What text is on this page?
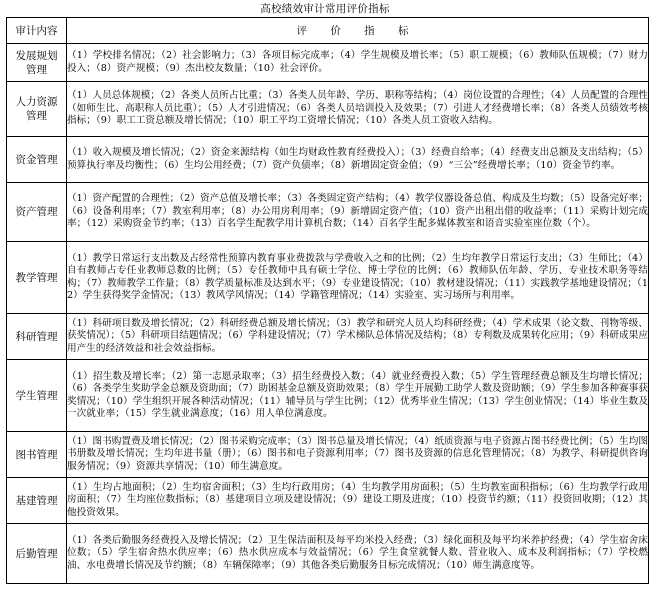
高校绩效审计常用评价指标
审计内容	评 价 指 标
发展规划管理	（1）学校排名情况；（2）社会影响力；（3）各项目标完成率；（4）学生规模及增长率；（5）职工规模；（6）教师队伍规模；（7）财力投入；（8）资产规模；（9）杰出校友数量；（10）社会评价。
人力资源管理	（1）人员总体规模；（2）各类人员所占比重；（3）各类人员年龄、学历、职称等结构；（4）岗位设置的合理性；（4）人员配置的合理性（如师生比、高职称人员比重）；（5）人才引进情况；（6）各类人员培训投入及效果；（7）引进人才经费增长率；（8）各类人员绩效考核指标；（9）职工工资总额及增长情况；（10）职工平均工资增长情况；（10）各类人员工资收入结构。
资金管理	（1）收入规模及增长情况；（2）资金来源结构（如生均财政性教育经费投入）；（3）经费自给率；（4）经费支出总额及支出结构；（5）预算执行率及均衡性；（6）生均公用经费；（7）资产负债率；（8）新增固定资金值；（9）“三公”经费增长率；（10）资金节约率。
资产管理	（1）资产配置的合理性；（2）资产总值及增长率；（3）各类固定资产结构；（4）教学仪器设备总值、构成及生均数；（5）设备完好率；（6）设备利用率；（7）教室利用率；（8）办公用房利用率；（9）新增固定资产值；（10）资产出租出借的收益率；（11）采购计划完成率；（12）采购资金节约率；（13）百名学生配教学用计算机台数；（14）百名学生配多媒体教室和语音实验室座位数（个）。
教学管理	（1）教学日常运行支出数及占经常性预算内教育事业费拨款与学费收入之和的比例；（2）生均年教学日常运行支出；（3）生师比；（4）自有教师占专任业教师总数的比例；（5）专任教师中具有硕士学位、博士学位的比例；（6）教师队伍年龄、学历、专业技术职务等结构；（7）教师教学工作量；（8）教学质量标准及达到水平；（9）专业建设情况；（10）教材建设情况；（11）实践教学基地建设情况；（12）学生获得奖学金情况；（13）教风学风情况；（14）学籍管理情况；（14）实验室、实习场所与利用率。
科研管理	（1）科研项目数及增长情况；（2）科研经费总额及增长情况；（3）教学和研究人员人均科研经费；（4）学术成果（论文数、刊物等级、获奖情况）；（5）科研项目结题情况；（6）学科建设情况；（7）学术梯队总体情况及结构；（8）专利数及成果转化应用；（9）科研成果应用产生的经济效益和社会效益指标。
学生管理	（1）招生数及增长率；（2）第一志愿录取率；（3）招生经费投入数；（4）就业经费投入数；（5）学生管理经费总额及生均增长情况；（6）各类学生奖助学金总额及资助面；（7）助困基金总额及资助效果；（8）学生开展勤工助学人数及资助额；（9）学生参加各种赛事获奖情况；（10）学生组织开展各种活动情况；（11）辅导员与学生比例；（12）优秀毕业生情况；（13）学生创业情况；（14）毕业生数及一次就业率；（15）学生就业满意度；（16）用人单位满意度。
图书管理	（1）图书购置费及增长情况；（2）图书采购完成率；（3）图书总量及增长情况；（4）纸质资源与电子资源占图书经费比例；（5）生均图书册数及增长情况；生均年进书量（册）；（6）图书和电子资源利用率；（7）图书及资源的信息化管理情况；（8）为教学、科研提供咨询服务情况；（9）资源共享情况；（10）师生满意度。
基建管理	（1）生均占地面积；（2）生均宿舍面积；（3）生均行政用房；（4）生均教学用房面积；（5）生均教室面积指标；（6）生均教学行政用房面积；（7）生均座位数指标；（8）基建项目立项及建设情况；（9）建设工期及进度；（10）投资节约额；（11）投资回收期；（12）其他投资效果。
后勤管理	（1）各类后勤服务经费投入及增长情况；（2）卫生保洁面积及每平均米投入经费；（3）绿化面积及每平均米养护经费；（4）学生宿舍床位数；（5）学生宿舍热水供应率；（6）热水供应成本与效益情况；（6）学生食堂就餐人数、营业收入、成本及利润指标；（7）学校燃油、水电费增长情况及节约额；（8）车辆保障率；（9）其他各类后勤服务目标完成情况；（10）师生满意度等。
